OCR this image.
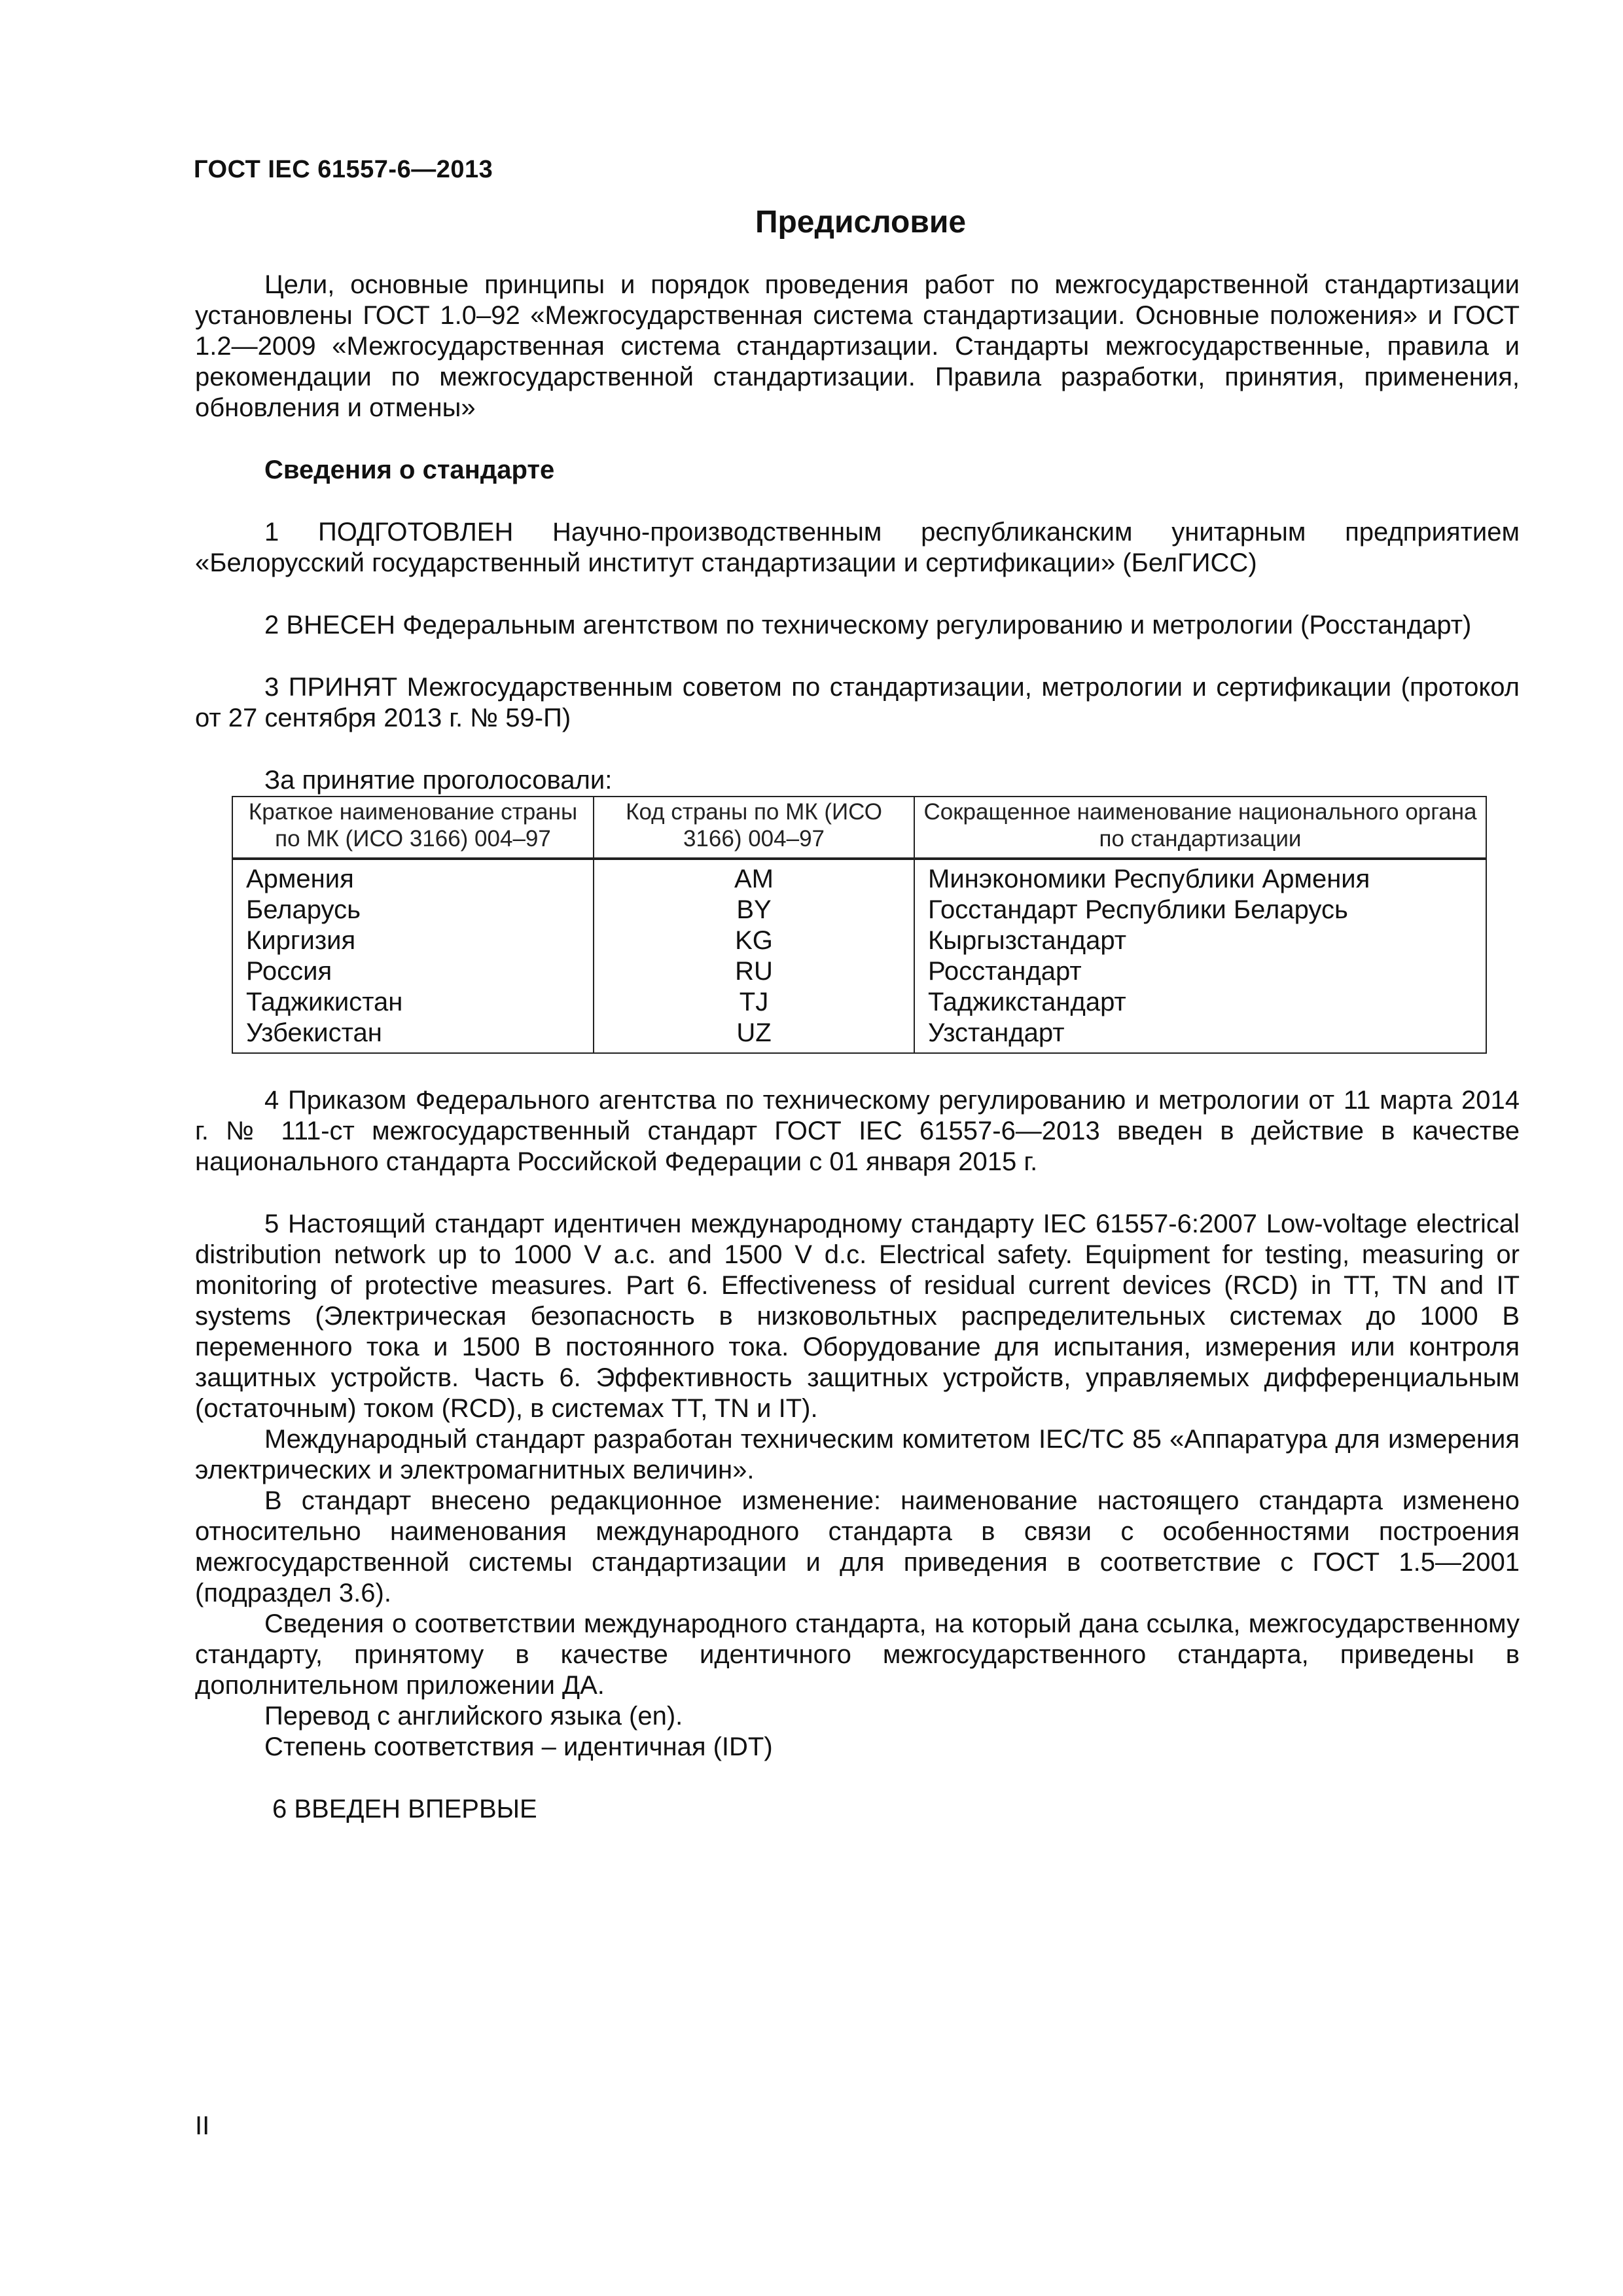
ГОСТ IEC 61557-6—2013
Предисловие

Цели, основные принципы и порядок проведения работ по межгосударственной стандартизации установлены ГОСТ 1.0–92 «Межгосударственная система стандартизации. Основные положения» и ГОСТ 1.2—2009 «Межгосударственная система стандартизации. Стандарты межгосударственные, правила и рекомендации по межгосударственной стандартизации. Правила разработки, принятия, применения, обновления и отмены»

Сведения о стандарте

1 ПОДГОТОВЛЕН Научно-производственным республиканским унитарным предприятием «Белорусский государственный институт стандартизации и сертификации» (БелГИСС)

2 ВНЕСЕН Федеральным агентством по техническому регулированию и метрологии (Росстандарт)

3 ПРИНЯТ Межгосударственным советом по стандартизации, метрологии и сертификации (протокол от 27 сентября 2013 г. № 59-П)

За принятие проголосовали:
Краткое наименование страны по МК (ИСО 3166) 004–97	Код страны по МК (ИСО 3166) 004–97	Сокращенное наименование национального органа по стандартизации
Армения	AM	Минэкономики Республики Армения
Беларусь	BY	Госстандарт Республики Беларусь
Киргизия	KG	Кыргызстандарт
Россия	RU	Росстандарт
Таджикистан	TJ	Таджикстандарт
Узбекистан	UZ	Узстандарт

4 Приказом Федерального агентства по техническому регулированию и метрологии от 11 марта 2014 г. № 111-ст межгосударственный стандарт ГОСТ IEC 61557-6—2013 введен в действие в качестве национального стандарта Российской Федерации с 01 января 2015 г.

5 Настоящий стандарт идентичен международному стандарту IEC 61557-6:2007 Low-voltage electrical distribution network up to 1000 V a.c. and 1500 V d.c. Electrical safety. Equipment for testing, measuring or monitoring of protective measures. Part 6. Effectiveness of residual current devices (RCD) in TT, TN and IT systems (Электрическая безопасность в низковольтных распределительных системах до 1000 В переменного тока и 1500 В постоянного тока. Оборудование для испытания, измерения или контроля защитных устройств. Часть 6. Эффективность защитных устройств, управляемых дифференциальным (остаточным) током (RCD), в системах TT, TN и IT).

Международный стандарт разработан техническим комитетом IEC/TC 85 «Аппаратура для измерения электрических и электромагнитных величин».

В стандарт внесено редакционное изменение: наименование настоящего стандарта изменено относительно наименования международного стандарта в связи с особенностями построения межгосударственной системы стандартизации и для приведения в соответствие с ГОСТ 1.5—2001 (подраздел 3.6).

Сведения о соответствии международного стандарта, на который дана ссылка, межгосударственному стандарту, принятому в качестве идентичного межгосударственного стандарта, приведены в дополнительном приложении ДА.

Перевод с английского языка (en).

Степень соответствия – идентичная (IDT)

6 ВВЕДЕН ВПЕРВЫЕ

II
